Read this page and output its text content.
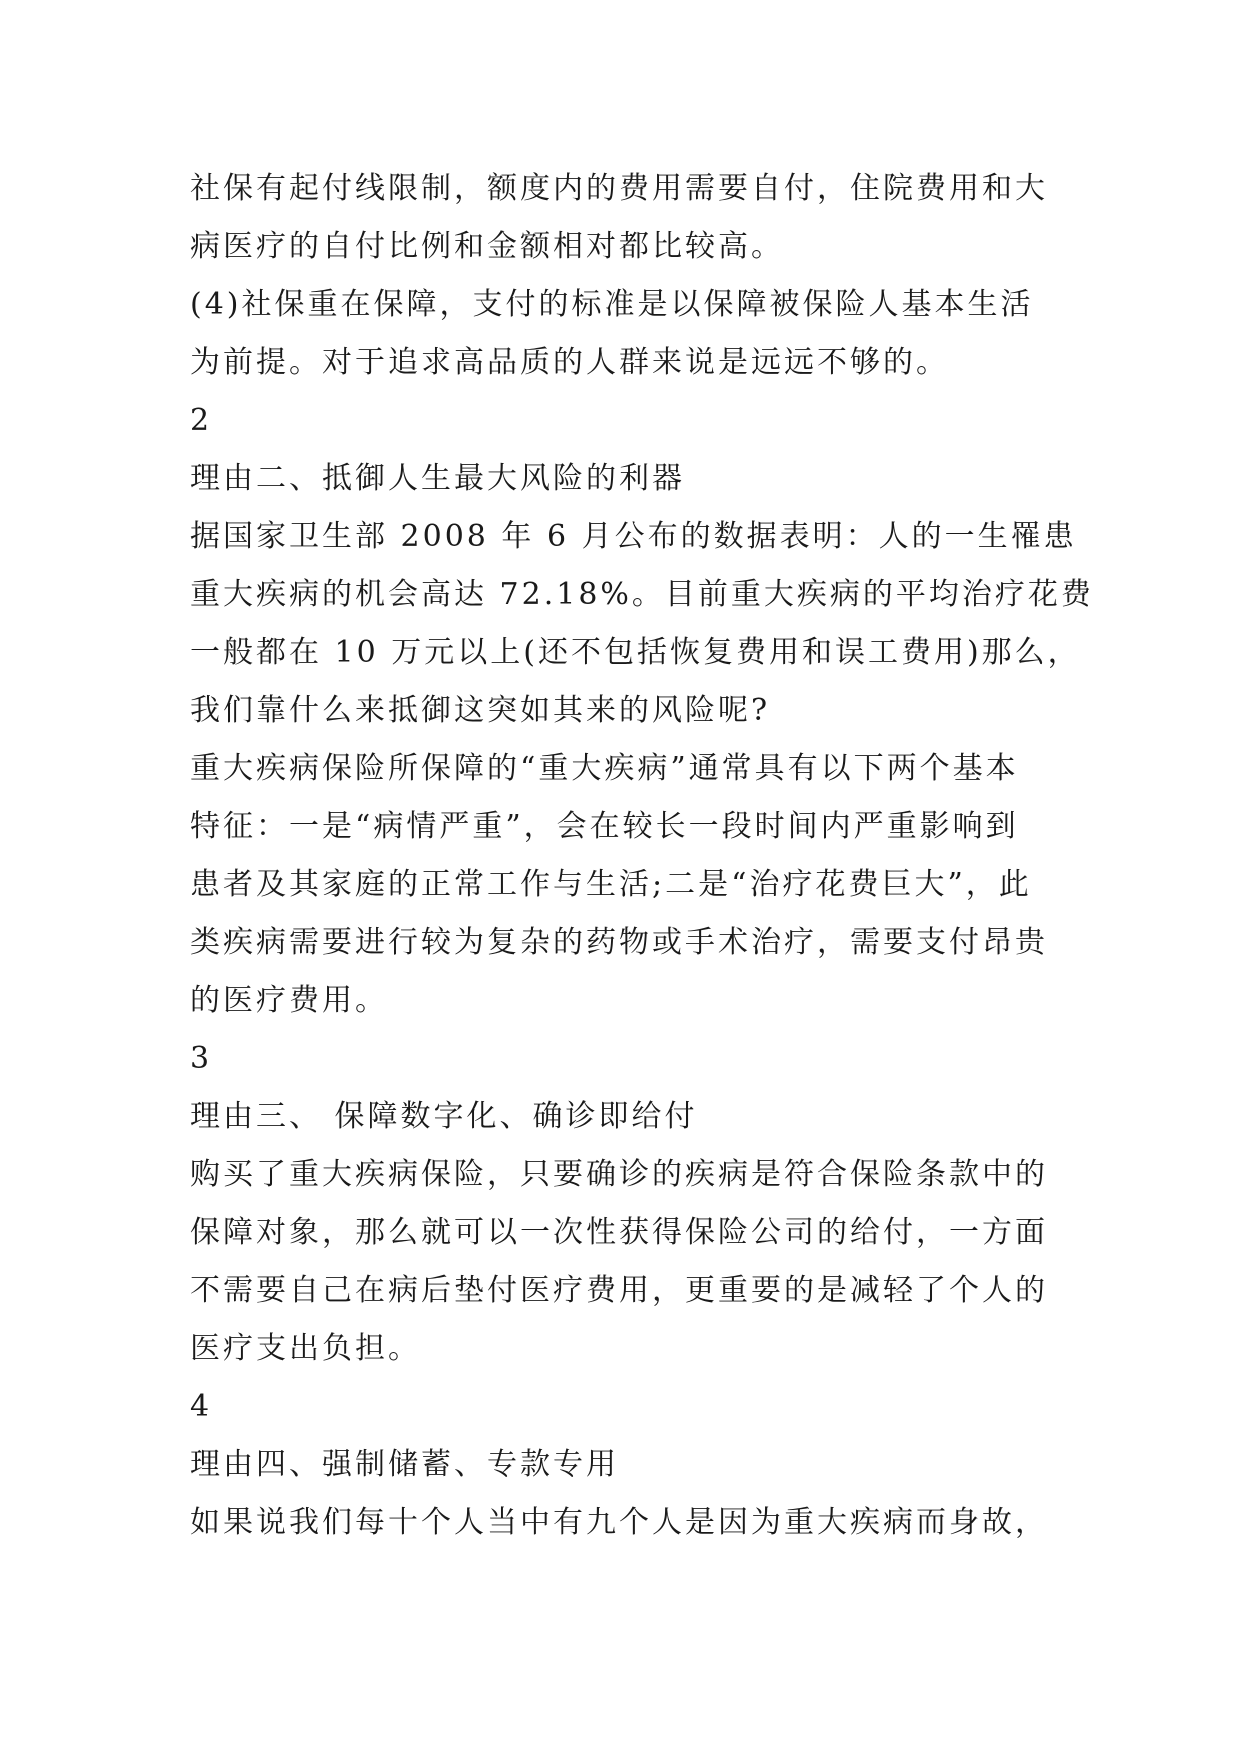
社保有起付线限制，额度内的费用需要自付，住院费用和大

病医疗的自付比例和金额相对都比较高。

(4)社保重在保障，支付的标准是以保障被保险人基本生活

为前提。对于追求高品质的人群来说是远远不够的。

2

理由二、抵御人生最大风险的利器

据国家卫生部 2008 年 6 月公布的数据表明：人的一生罹患

重大疾病的机会高达 72.18%。目前重大疾病的平均治疗花费

一般都在 10 万元以上(还不包括恢复费用和误工费用)那么，

我们靠什么来抵御这突如其来的风险呢?

重大疾病保险所保障的“重大疾病”通常具有以下两个基本

特征：一是“病情严重”，会在较长一段时间内严重影响到

患者及其家庭的正常工作与生活;二是“治疗花费巨大”，此

类疾病需要进行较为复杂的药物或手术治疗，需要支付昂贵

的医疗费用。

3

理由三、 保障数字化、确诊即给付

购买了重大疾病保险，只要确诊的疾病是符合保险条款中的

保障对象，那么就可以一次性获得保险公司的给付，一方面

不需要自己在病后垫付医疗费用，更重要的是减轻了个人的

医疗支出负担。

4

理由四、强制储蓄、专款专用

如果说我们每十个人当中有九个人是因为重大疾病而身故，
